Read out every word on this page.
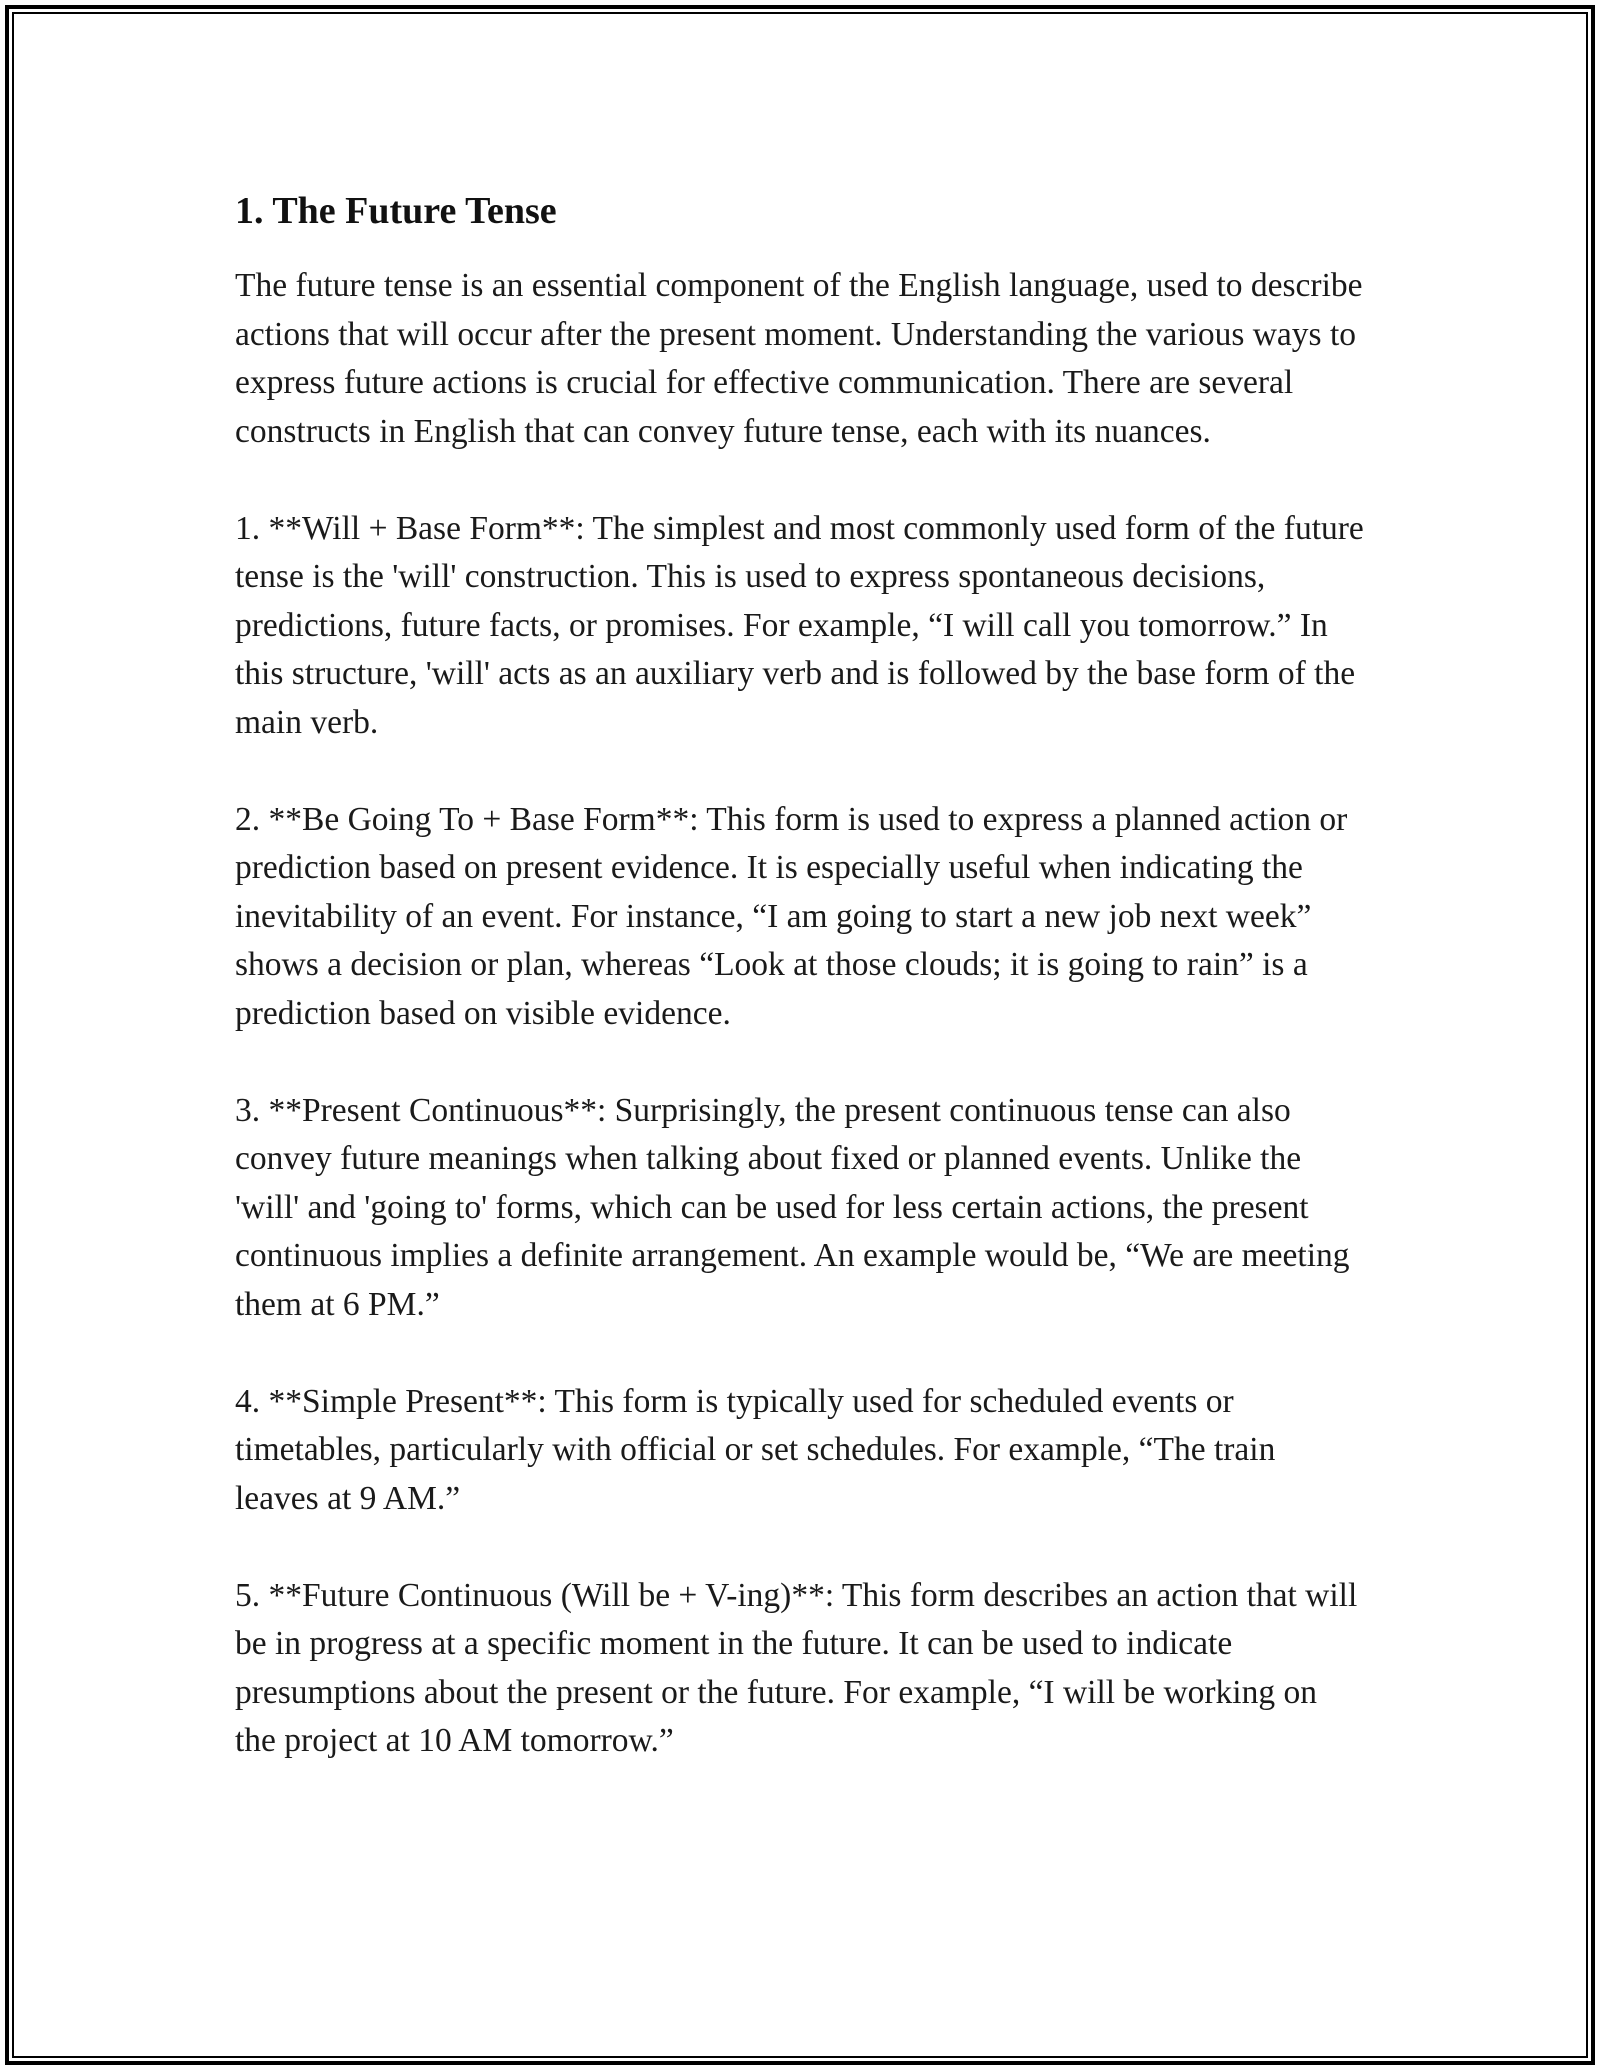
1. The Future Tense

The future tense is an essential component of the English language, used to describe actions that will occur after the present moment. Understanding the various ways to express future actions is crucial for effective communication. There are several constructs in English that can convey future tense, each with its nuances.

1. **Will + Base Form**: The simplest and most commonly used form of the future tense is the 'will' construction. This is used to express spontaneous decisions, predictions, future facts, or promises. For example, “I will call you tomorrow.” In this structure, 'will' acts as an auxiliary verb and is followed by the base form of the main verb.

2. **Be Going To + Base Form**: This form is used to express a planned action or prediction based on present evidence. It is especially useful when indicating the inevitability of an event. For instance, “I am going to start a new job next week” shows a decision or plan, whereas “Look at those clouds; it is going to rain” is a prediction based on visible evidence.

3. **Present Continuous**: Surprisingly, the present continuous tense can also convey future meanings when talking about fixed or planned events. Unlike the 'will' and 'going to' forms, which can be used for less certain actions, the present continuous implies a definite arrangement. An example would be, “We are meeting them at 6 PM.”

4. **Simple Present**: This form is typically used for scheduled events or timetables, particularly with official or set schedules. For example, “The train leaves at 9 AM.”

5. **Future Continuous (Will be + V-ing)**: This form describes an action that will be in progress at a specific moment in the future. It can be used to indicate presumptions about the present or the future. For example, “I will be working on the project at 10 AM tomorrow.”
